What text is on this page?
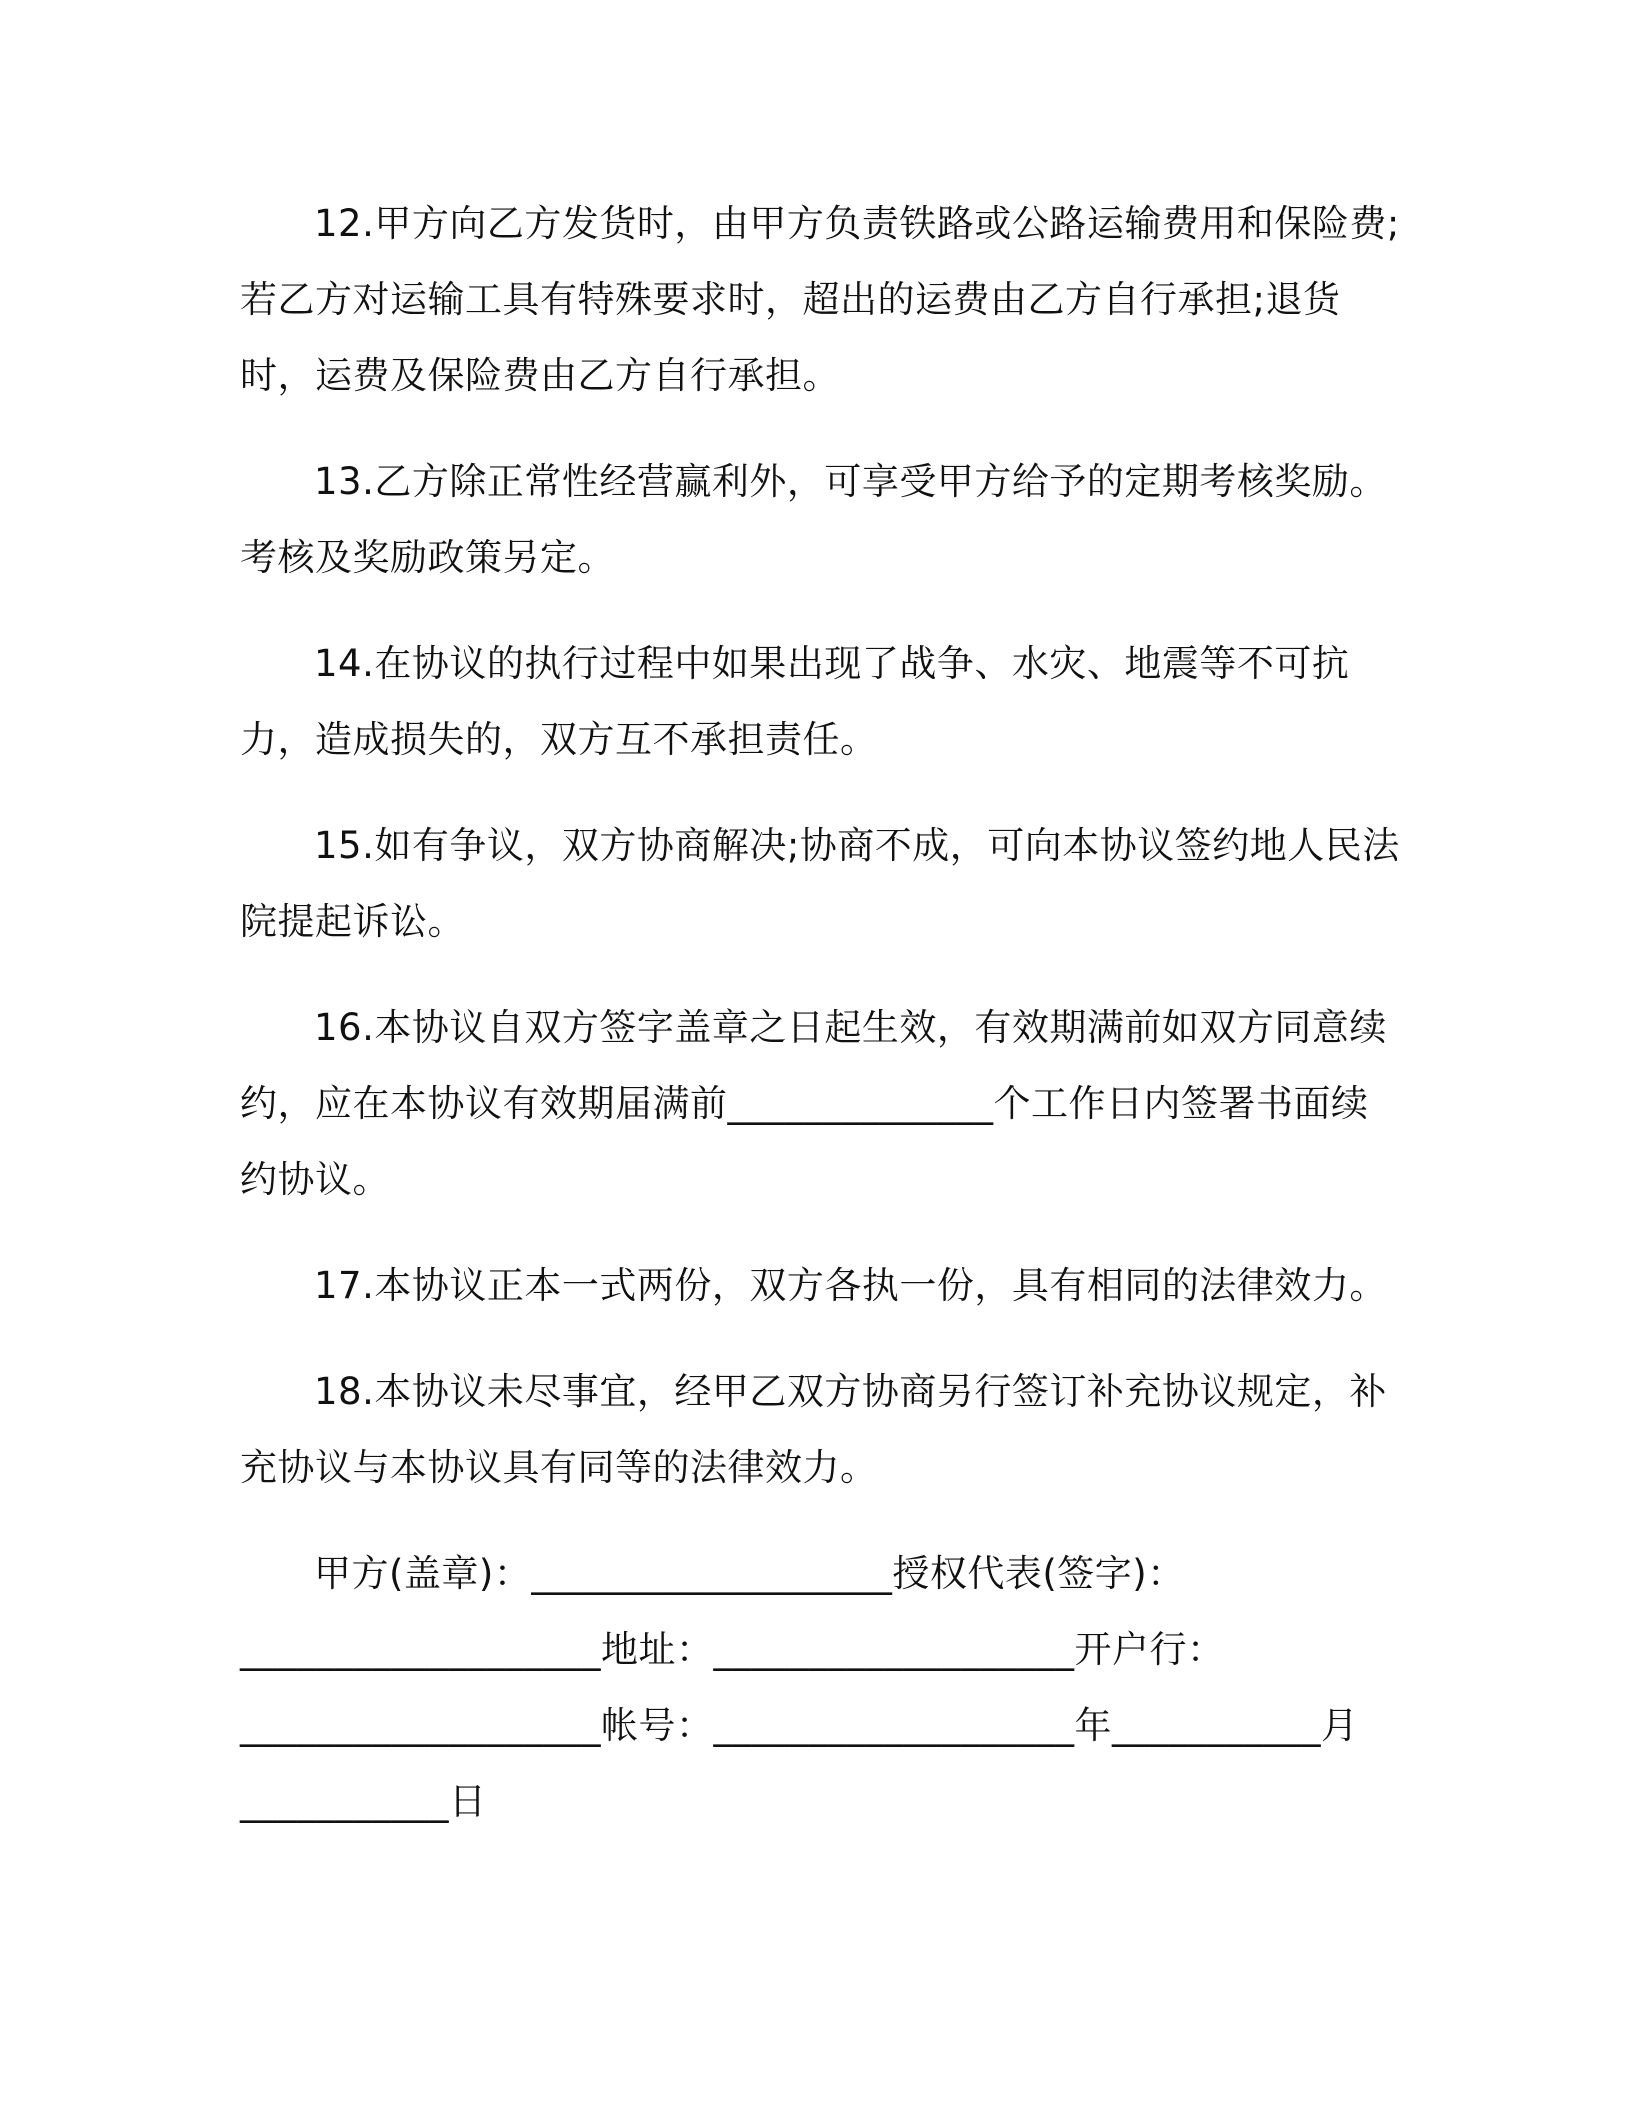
12.甲方向乙方发货时，由甲方负责铁路或公路运输费用和保险费;若乙方对运输工具有特殊要求时，超出的运费由乙方自行承担;退货时，运费及保险费由乙方自行承担。

13.乙方除正常性经营赢利外，可享受甲方给予的定期考核奖励。考核及奖励政策另定。

14.在协议的执行过程中如果出现了战争、水灾、地震等不可抗力，造成损失的，双方互不承担责任。

15.如有争议，双方协商解决;协商不成，可向本协议签约地人民法院提起诉讼。

16.本协议自双方签字盖章之日起生效，有效期满前如双方同意续约，应在本协议有效期届满前______________个工作日内签署书面续约协议。

17.本协议正本一式两份，双方各执一份，具有相同的法律效力。

18.本协议未尽事宜，经甲乙双方协商另行签订补充协议规定，补充协议与本协议具有同等的法律效力。

甲方(盖章)：___________________授权代表(签字)：___________________地址：___________________开户行：___________________帐号：___________________年___________月___________日
